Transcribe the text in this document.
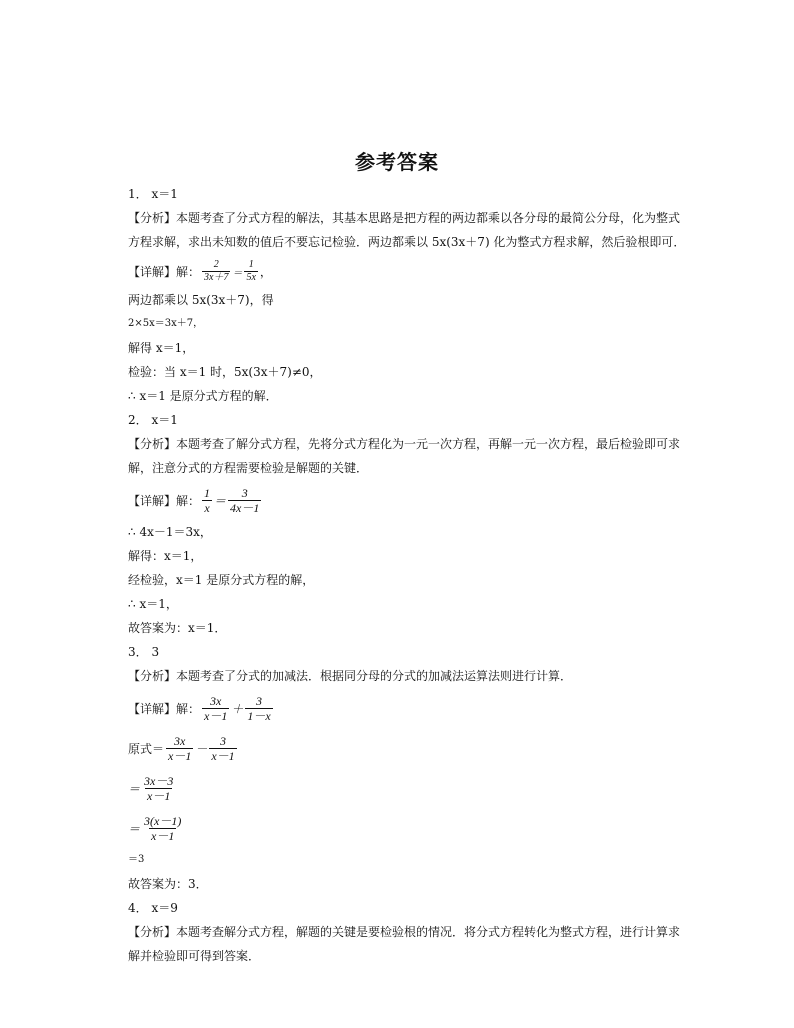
参考答案

1． x＝1

【分析】本题考查了分式方程的解法，其基本思路是把方程的两边都乘以各分母的最简公分母，化为整式

方程求解，求出未知数的值后不要忘记检验．两边都乘以 5x(3x＋7) 化为整式方程求解，然后验根即可．

【详解】解： $\frac{2}{3x+7} = \frac{1}{5x}$ ，

两边都乘以 5x(3x＋7)，得

2×5x＝3x＋7，

解得 x＝1，

检验：当 x＝1 时，5x(3x＋7)≠0，

∴ x＝1 是原分式方程的解．

2． x＝1

【分析】本题考查了解分式方程，先将分式方程化为一元一次方程，再解一元一次方程，最后检验即可求

解，注意分式的方程需要检验是解题的关键．

【详解】解： $\frac{1}{x} = \frac{3}{4x-1}$

∴ 4x－1＝3x，

解得：x＝1，

经检验，x＝1 是原分式方程的解，

∴ x＝1，

故答案为：x＝1．

3． 3

【分析】本题考查了分式的加减法．根据同分母的分式的加减法运算法则进行计算．

【详解】解： $\frac{3x}{x-1} + \frac{3}{1-x}$
原式＝ $\frac{3x}{x-1} - \frac{3}{x-1}$
＝ $\frac{3x-3}{x-1}$
＝ $\frac{3(x-1)}{x-1}$

＝3

故答案为：3．

4． x＝9

【分析】本题考查解分式方程，解题的关键是要检验根的情况．将分式方程转化为整式方程，进行计算求

解并检验即可得到答案．
